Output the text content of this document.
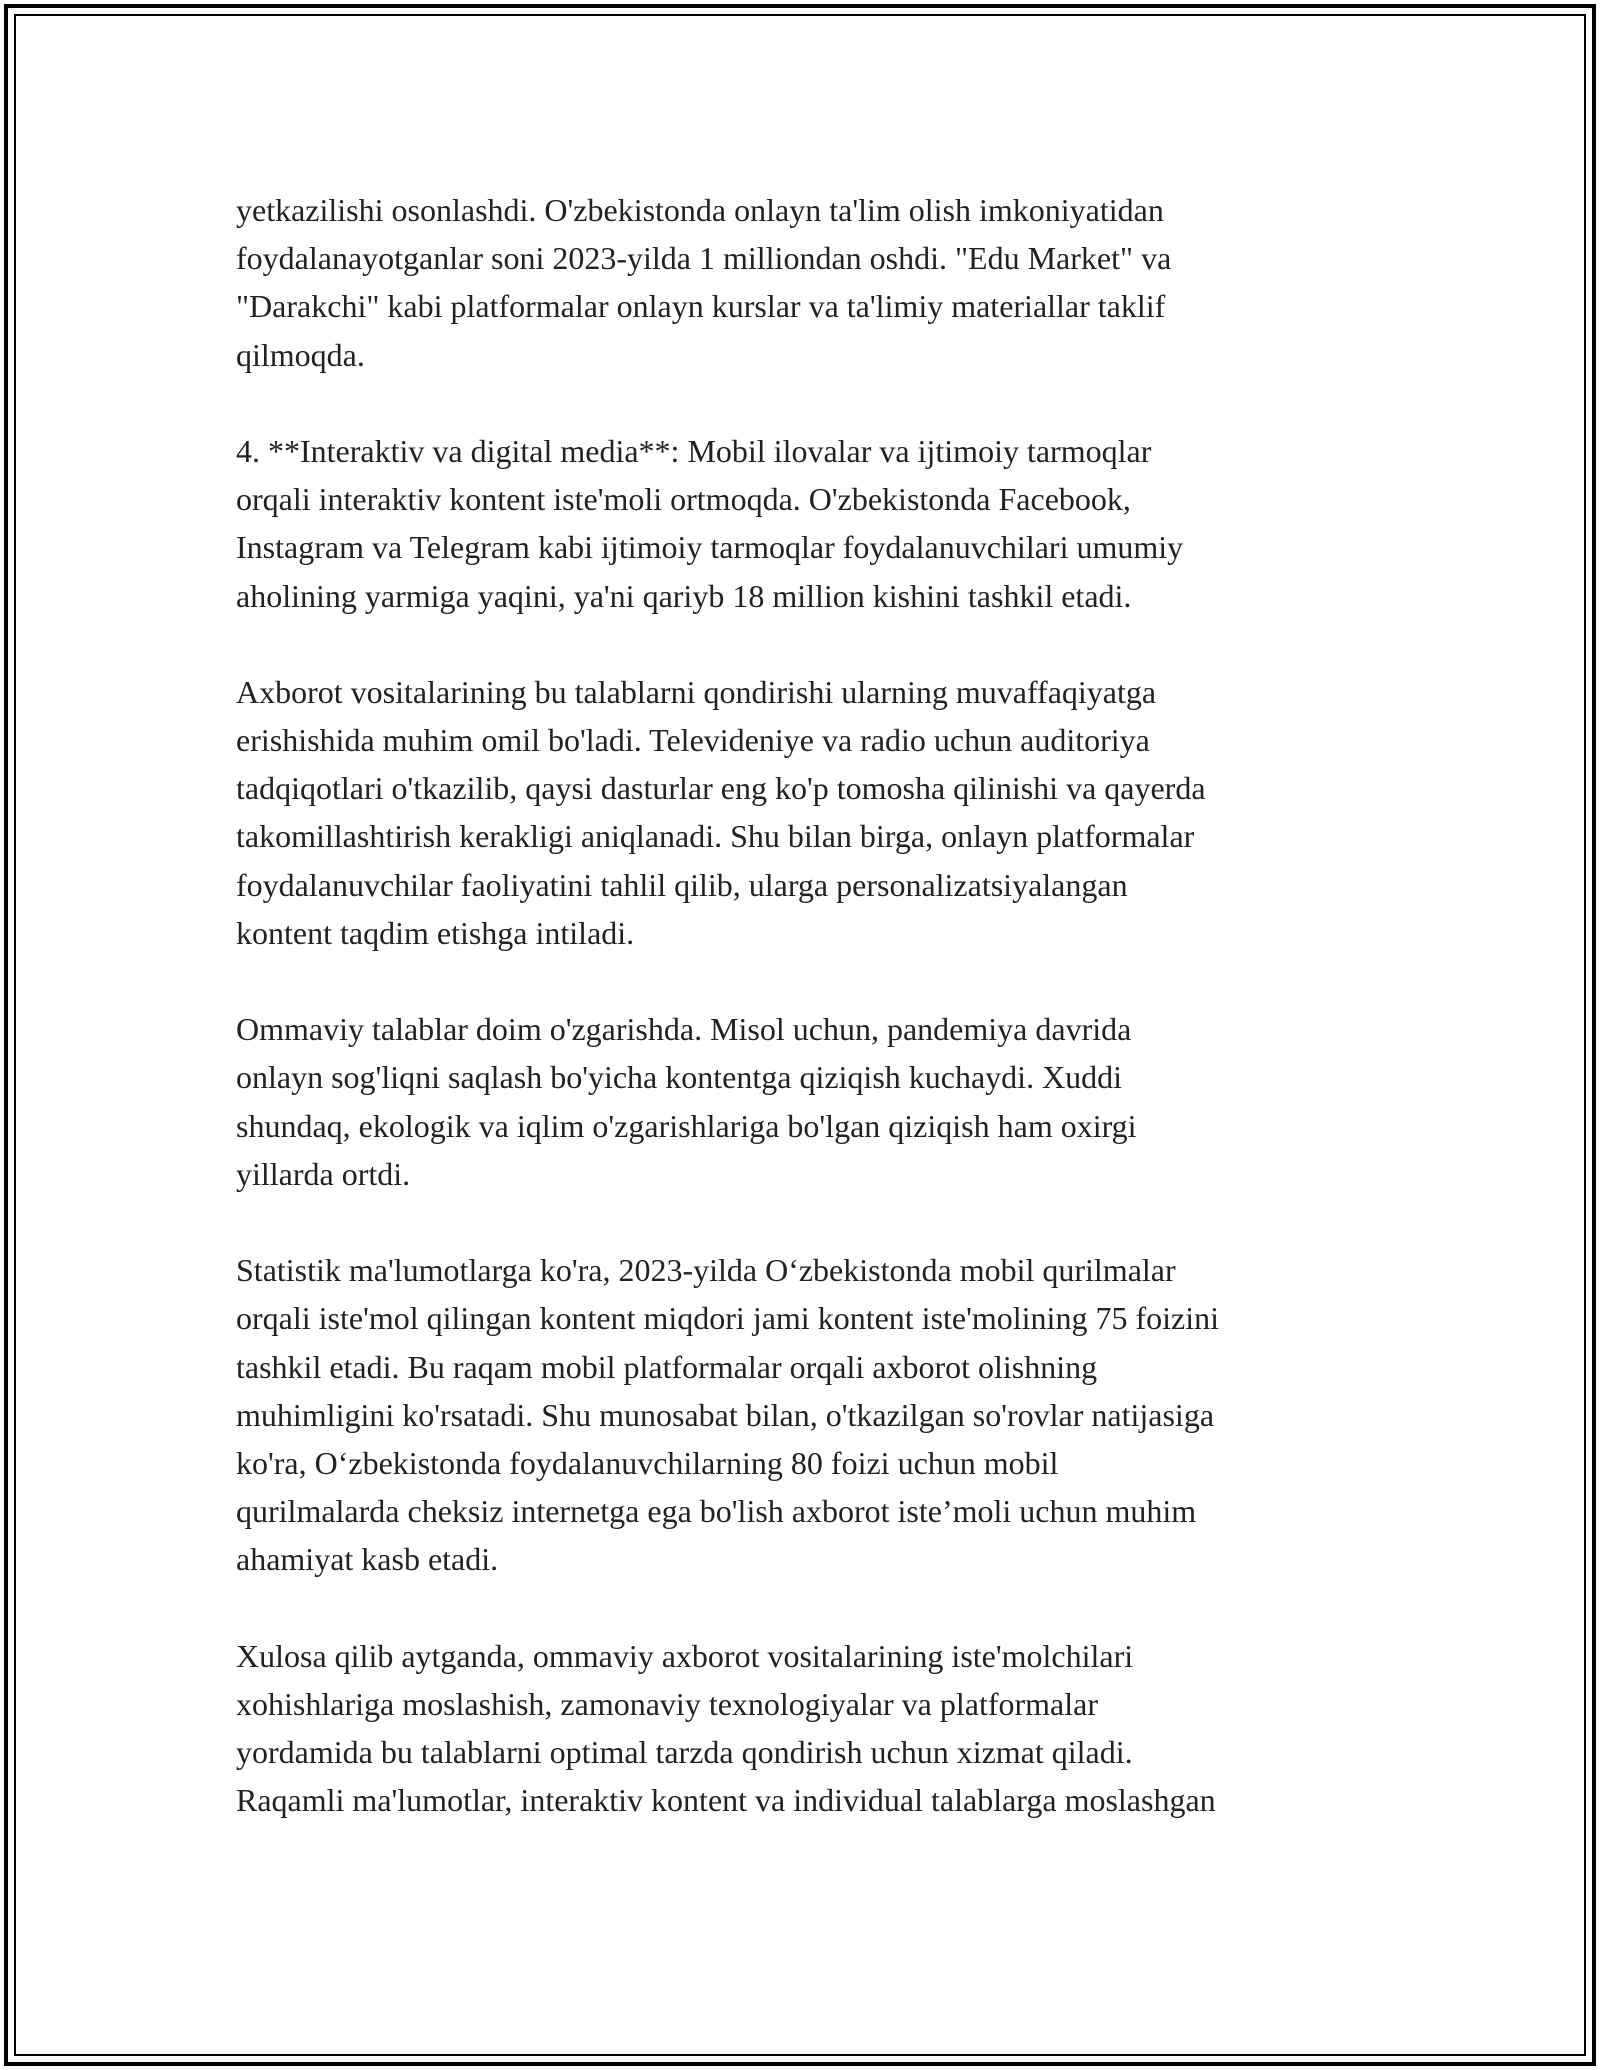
yetkazilishi osonlashdi. O'zbekistonda onlayn ta'lim olish imkoniyatidan
foydalanayotganlar soni 2023-yilda 1 milliondan oshdi. "Edu Market" va
"Darakchi" kabi platformalar onlayn kurslar va ta'limiy materiallar taklif
qilmoqda.
4. **Interaktiv va digital media**: Mobil ilovalar va ijtimoiy tarmoqlar
orqali interaktiv kontent iste'moli ortmoqda. O'zbekistonda Facebook,
Instagram va Telegram kabi ijtimoiy tarmoqlar foydalanuvchilari umumiy
aholining yarmiga yaqini, ya'ni qariyb 18 million kishini tashkil etadi.
Axborot vositalarining bu talablarni qondirishi ularning muvaffaqiyatga
erishishida muhim omil bo'ladi. Televideniye va radio uchun auditoriya
tadqiqotlari o'tkazilib, qaysi dasturlar eng ko'p tomosha qilinishi va qayerda
takomillashtirish kerakligi aniqlanadi. Shu bilan birga, onlayn platformalar
foydalanuvchilar faoliyatini tahlil qilib, ularga personalizatsiyalangan
kontent taqdim etishga intiladi.
Ommaviy talablar doim o'zgarishda. Misol uchun, pandemiya davrida
onlayn sog'liqni saqlash bo'yicha kontentga qiziqish kuchaydi. Xuddi
shundaq, ekologik va iqlim o'zgarishlariga bo'lgan qiziqish ham oxirgi
yillarda ortdi.
Statistik ma'lumotlarga ko'ra, 2023-yilda O‘zbekistonda mobil qurilmalar
orqali iste'mol qilingan kontent miqdori jami kontent iste'molining 75 foizini
tashkil etadi. Bu raqam mobil platformalar orqali axborot olishning
muhimligini ko'rsatadi. Shu munosabat bilan, o'tkazilgan so'rovlar natijasiga
ko'ra, O‘zbekistonda foydalanuvchilarning 80 foizi uchun mobil
qurilmalarda cheksiz internetga ega bo'lish axborot iste’moli uchun muhim
ahamiyat kasb etadi.
Xulosa qilib aytganda, ommaviy axborot vositalarining iste'molchilari
xohishlariga moslashish, zamonaviy texnologiyalar va platformalar
yordamida bu talablarni optimal tarzda qondirish uchun xizmat qiladi.
Raqamli ma'lumotlar, interaktiv kontent va individual talablarga moslashgan
